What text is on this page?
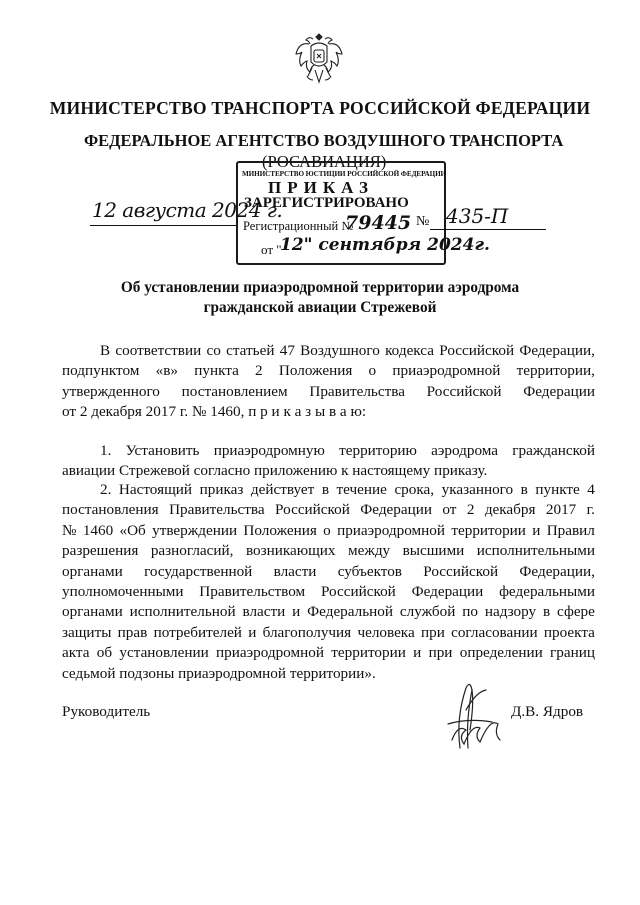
МИНИСТЕРСТВО ТРАНСПОРТА РОССИЙСКОЙ ФЕДЕРАЦИИ
ФЕДЕРАЛЬНОЕ АГЕНТСТВО ВОЗДУШНОГО ТРАНСПОРТА
(РОСАВИАЦИЯ)
ПРИКАЗ
МИНИСТЕРСТВО ЮСТИЦИИ РОССИЙСКОЙ ФЕДЕРАЦИИ
ЗАРЕГИСТРИРОВАНО
Регистрационный №
79445
от "
12" сентября 2024г.
12 августа 2024 г.	№ 435-П
Об установлении приаэродромной территории аэродрома
гражданской авиации Стрежевой
В соответствии со статьей 47 Воздушного кодекса Российской Федерации,
подпунктом «в» пункта 2 Положения о приаэродромной территории,
утвержденного постановлением Правительства Российской Федерации
от 2 декабря 2017 г. № 1460, п р и к а з ы в а ю:
1. Установить приаэродромную территорию аэродрома гражданской
авиации Стрежевой согласно приложению к настоящему приказу.
2. Настоящий приказ действует в течение срока, указанного в пункте 4
постановления Правительства Российской Федерации от 2 декабря 2017 г.
№ 1460 «Об утверждении Положения о приаэродромной территории и Правил
разрешения разногласий, возникающих между высшими исполнительными
органами государственной власти субъектов Российской Федерации,
уполномоченными Правительством Российской Федерации федеральными
органами исполнительной власти и Федеральной службой по надзору в сфере
защиты прав потребителей и благополучия человека при согласовании проекта
акта об установлении приаэродромной территории и при определении границ
седьмой подзоны приаэродромной территории».
Руководитель	Д.В. Ядров
